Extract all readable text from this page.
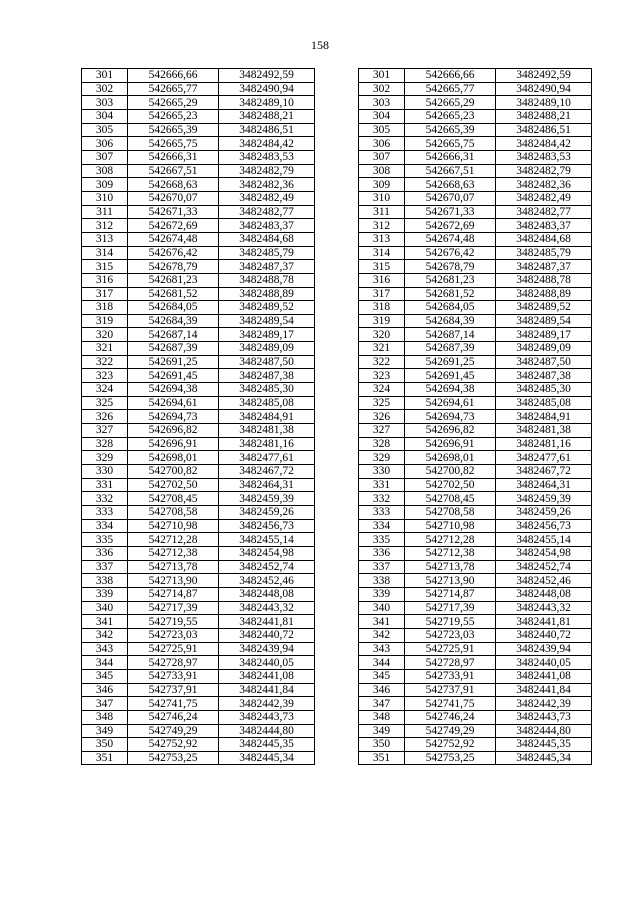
158
301	542666,66	3482492,59
302	542665,77	3482490,94
303	542665,29	3482489,10
304	542665,23	3482488,21
305	542665,39	3482486,51
306	542665,75	3482484,42
307	542666,31	3482483,53
308	542667,51	3482482,79
309	542668,63	3482482,36
310	542670,07	3482482,49
311	542671,33	3482482,77
312	542672,69	3482483,37
313	542674,48	3482484,68
314	542676,42	3482485,79
315	542678,79	3482487,37
316	542681,23	3482488,78
317	542681,52	3482488,89
318	542684,05	3482489,52
319	542684,39	3482489,54
320	542687,14	3482489,17
321	542687,39	3482489,09
322	542691,25	3482487,50
323	542691,45	3482487,38
324	542694,38	3482485,30
325	542694,61	3482485,08
326	542694,73	3482484,91
327	542696,82	3482481,38
328	542696,91	3482481,16
329	542698,01	3482477,61
330	542700,82	3482467,72
331	542702,50	3482464,31
332	542708,45	3482459,39
333	542708,58	3482459,26
334	542710,98	3482456,73
335	542712,28	3482455,14
336	542712,38	3482454,98
337	542713,78	3482452,74
338	542713,90	3482452,46
339	542714,87	3482448,08
340	542717,39	3482443,32
341	542719,55	3482441,81
342	542723,03	3482440,72
343	542725,91	3482439,94
344	542728,97	3482440,05
345	542733,91	3482441,08
346	542737,91	3482441,84
347	542741,75	3482442,39
348	542746,24	3482443,73
349	542749,29	3482444,80
350	542752,92	3482445,35
351	542753,25	3482445,34
301	542666,66	3482492,59
302	542665,77	3482490,94
303	542665,29	3482489,10
304	542665,23	3482488,21
305	542665,39	3482486,51
306	542665,75	3482484,42
307	542666,31	3482483,53
308	542667,51	3482482,79
309	542668,63	3482482,36
310	542670,07	3482482,49
311	542671,33	3482482,77
312	542672,69	3482483,37
313	542674,48	3482484,68
314	542676,42	3482485,79
315	542678,79	3482487,37
316	542681,23	3482488,78
317	542681,52	3482488,89
318	542684,05	3482489,52
319	542684,39	3482489,54
320	542687,14	3482489,17
321	542687,39	3482489,09
322	542691,25	3482487,50
323	542691,45	3482487,38
324	542694,38	3482485,30
325	542694,61	3482485,08
326	542694,73	3482484,91
327	542696,82	3482481,38
328	542696,91	3482481,16
329	542698,01	3482477,61
330	542700,82	3482467,72
331	542702,50	3482464,31
332	542708,45	3482459,39
333	542708,58	3482459,26
334	542710,98	3482456,73
335	542712,28	3482455,14
336	542712,38	3482454,98
337	542713,78	3482452,74
338	542713,90	3482452,46
339	542714,87	3482448,08
340	542717,39	3482443,32
341	542719,55	3482441,81
342	542723,03	3482440,72
343	542725,91	3482439,94
344	542728,97	3482440,05
345	542733,91	3482441,08
346	542737,91	3482441,84
347	542741,75	3482442,39
348	542746,24	3482443,73
349	542749,29	3482444,80
350	542752,92	3482445,35
351	542753,25	3482445,34
